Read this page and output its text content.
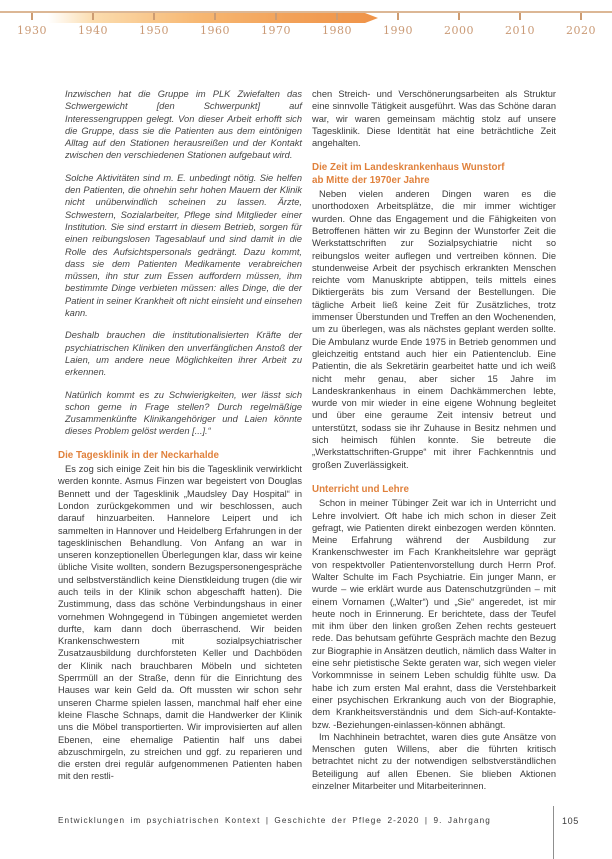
1930	1940	1950	1960	1970	1980	1990	2000	2010	2020

Inzwischen hat die Gruppe im PLK Zwiefalten das Schwergewicht [den Schwerpunkt] auf Interessengruppen gelegt. Von dieser Arbeit erhofft sich die Gruppe, dass sie die Patienten aus dem eintönigen Alltag auf den Stationen herausreißen und der Kontakt zwischen den verschiedenen Stationen aufgebaut wird.

Solche Aktivitäten sind m. E. unbedingt nötig. Sie helfen den Patienten, die ohnehin sehr hohen Mauern der Klinik nicht unüberwindlich scheinen zu lassen. Ärzte, Schwestern, Sozialarbeiter, Pflege sind Mitglieder einer Institution. Sie sind erstarrt in diesem Betrieb, sorgen für einen reibungslosen Tagesablauf und sind damit in die Rolle des Aufsichtspersonals gedrängt. Dazu kommt, dass sie dem Patienten Medikamente verabreichen müssen, ihn stur zum Essen auffordern müssen, ihm bestimmte Dinge verbieten müssen: alles Dinge, die der Patient in seiner Krankheit oft nicht einsieht und einsehen kann.

Deshalb brauchen die institutionalisierten Kräfte der psychiatrischen Kliniken den unverfänglichen Anstoß der Laien, um andere neue Möglichkeiten ihrer Arbeit zu erkennen.

Natürlich kommt es zu Schwierigkeiten, wer lässt sich schon gerne in Frage stellen? Durch regelmäßige Zusammenkünfte Klinikangehöriger und Laien könnte dieses Problem gelöst werden [...].“

Die Tagesklinik in der Neckarhalde

Es zog sich einige Zeit hin bis die Tagesklinik verwirklicht werden konnte. Asmus Finzen war begeistert von Douglas Bennett und der Tagesklinik „Maudsley Day Hospital“ in London zurückgekommen und wir beschlossen, auch darauf hinzuarbeiten. Hannelore Leipert und ich sammelten in Hannover und Heidelberg Erfahrungen in der tagesklinischen Behandlung. Von Anfang an war in unseren konzeptionellen Überlegungen klar, dass wir keine übliche Visite wollten, sondern Bezugspersonengespräche und selbstverständlich keine Dienstkleidung trugen (die wir auch teils in der Klinik schon abgeschafft hatten). Die Zustimmung, dass das schöne Verbindungshaus in einer vornehmen Wohngegend in Tübingen angemietet werden durfte, kam dann doch überraschend. Wir beiden Krankenschwestern mit sozialpsychiatrischer Zusatzausbildung durchforsteten Keller und Dachböden der Klinik nach brauchbaren Möbeln und sichteten Sperrmüll an der Straße, denn für die Einrichtung des Hauses war kein Geld da. Oft mussten wir schon sehr unseren Charme spielen lassen, manchmal half eher eine kleine Flasche Schnaps, damit die Handwerker der Klinik uns die Möbel transportierten. Wir improvisierten auf allen Ebenen, eine ehemalige Patientin half uns dabei abzuschmirgeln, zu streichen und ggf. zu reparieren und die ersten drei regulär aufgenommenen Patienten haben mit den restli-

chen Streich- und Verschönerungsarbeiten als Struktur eine sinnvolle Tätigkeit ausgeführt. Was das Schöne daran war, wir waren gemeinsam mächtig stolz auf unsere Tagesklinik. Diese Identität hat eine beträchtliche Zeit angehalten.

Die Zeit im Landeskrankenhaus Wunstorf
ab Mitte der 1970er Jahre

Neben vielen anderen Dingen waren es die unorthodoxen Arbeitsplätze, die mir immer wichtiger wurden. Ohne das Engagement und die Fähigkeiten von Betroffenen hätten wir zu Beginn der Wunstorfer Zeit die Werkstattschriften zur Sozialpsychiatrie nicht so reibungslos weiter auflegen und vertreiben können. Die stundenweise Arbeit der psychisch erkrankten Menschen reichte vom Manuskripte abtippen, teils mittels eines Diktiergeräts bis zum Versand der Bestellungen. Die tägliche Arbeit ließ keine Zeit für Zusätzliches, trotz immenser Überstunden und Treffen an den Wochenenden, um zu überlegen, was als nächstes geplant werden sollte. Die Ambulanz wurde Ende 1975 in Betrieb genommen und gleichzeitig entstand auch hier ein Patientenclub. Eine Patientin, die als Sekretärin gearbeitet hatte und ich weiß nicht mehr genau, aber sicher 15 Jahre im Landeskrankenhaus in einem Dachkämmerchen lebte, wurde von mir wieder in eine eigene Wohnung begleitet und über eine geraume Zeit intensiv betreut und unterstützt, sodass sie ihr Zuhause in Besitz nehmen und sich heimisch fühlen konnte. Sie betreute die „Werkstattschriften-Gruppe“ mit ihrer Fachkenntnis und großen Zuverlässigkeit.

Unterricht und Lehre

Schon in meiner Tübinger Zeit war ich in Unterricht und Lehre involviert. Oft habe ich mich schon in dieser Zeit gefragt, wie Patienten direkt einbezogen werden könnten. Meine Erfahrung während der Ausbildung zur Krankenschwester im Fach Krankheitslehre war geprägt von respektvoller Patientenvorstellung durch Herrn Prof. Walter Schulte im Fach Psychiatrie. Ein junger Mann, er wurde – wie erklärt wurde aus Datenschutzgründen – mit einem Vornamen („Walter“) und „Sie“ angeredet, ist mir heute noch in Erinnerung. Er berichtete, dass der Teufel mit ihm über den linken großen Zehen rechts gesteuert rede. Das behutsam geführte Gespräch machte den Bezug zur Biographie in Ansätzen deutlich, nämlich dass Walter in eine sehr pietistische Sekte geraten war, sich wegen vieler Vorkommnisse in seinem Leben schuldig fühlte usw. Da habe ich zum ersten Mal erahnt, dass die Verstehbarkeit einer psychischen Erkrankung auch von der Biographie, dem Krankheitsverständnis und dem Sich-auf-Kontakte- bzw. -Beziehungen-einlassen-können abhängt.

Im Nachhinein betrachtet, waren dies gute Ansätze von Menschen guten Willens, aber die führten kritisch betrachtet nicht zu der notwendigen selbstverständlichen Beteiligung auf allen Ebenen. Sie blieben Aktionen einzelner Mitarbeiter und Mitarbeiterinnen.

Entwicklungen im psychiatrischen Kontext | Geschichte der Pflege 2-2020 | 9. Jahrgang	105
